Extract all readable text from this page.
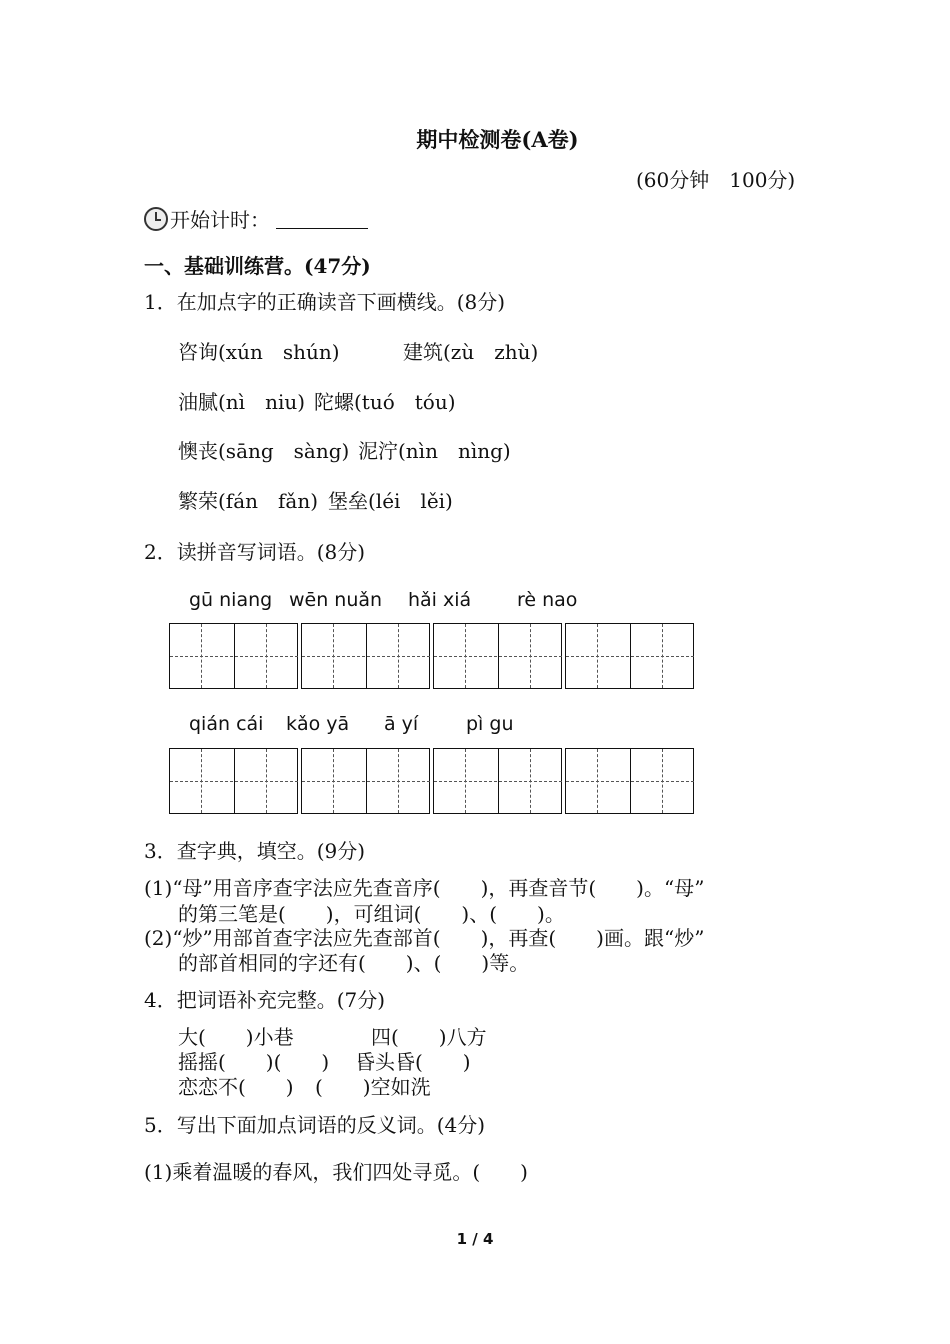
期中检测卷(A卷)
(60分钟　100分)
开始计时：
一、基础训练营。(47分)
1．在加点字的正确读音下画横线。(8分)
咨询(xún　shún)	建筑(zù　zhù)
油腻(nì　niu) 陀螺(tuó　tóu)
懊丧(sāng　sàng) 泥泞(nìn　nìng)
繁荣(fán　fǎn) 堡垒(léi　lěi)
2．读拼音写词语。(8分)
gū niang wēn nuǎn hǎi xiá rè nao
qián cái kǎo yā ā yí	pì gu
3．查字典，填空。(9分)
(1)“母”用音序查字法应先查音序(　　)，再查音节(　　)。“母”
的第三笔是(　　)，可组词(　　)、(　　)。
(2)“炒”用部首查字法应先查部首(　　)，再查(　　)画。跟“炒”
的部首相同的字还有(　　)、(　　)等。
4．把词语补充完整。(7分)
大(　　)小巷	四(　　)八方
摇摇(　　)(　　) 昏头昏(　　)
恋恋不(　　) (　　)空如洗
5．写出下面加点词语的反义词。(4分)
(1)乘着温暖的春风，我们四处寻觅。(　　)
1 / 4
